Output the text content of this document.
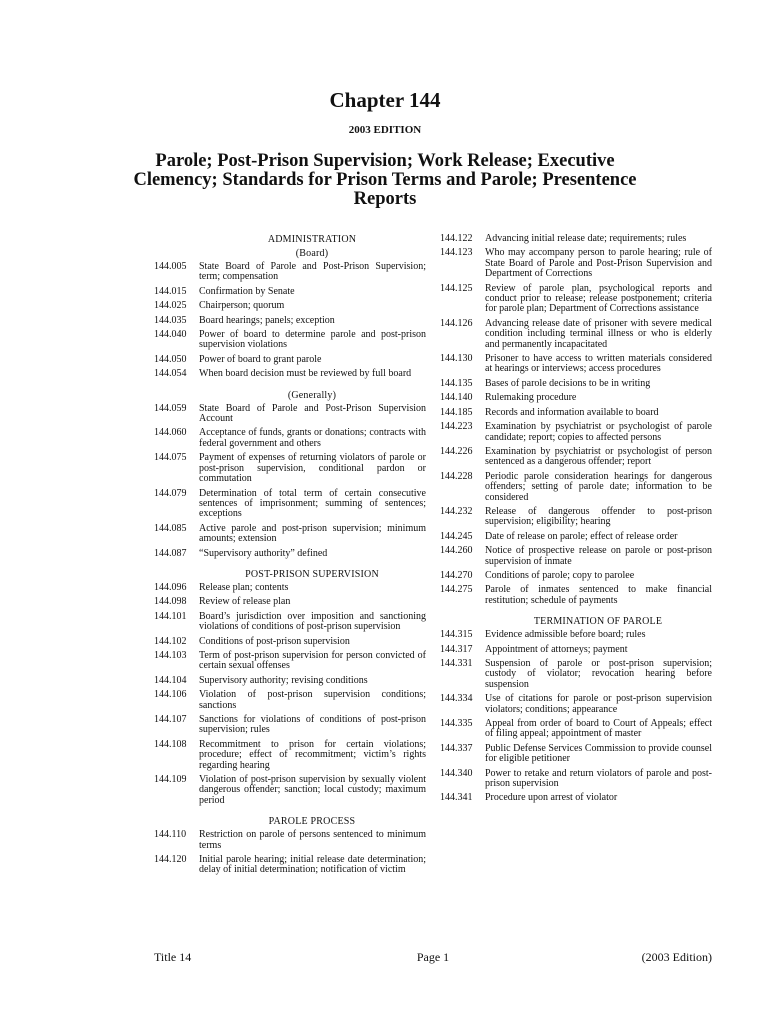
Chapter 144
2003 EDITION
Parole; Post-Prison Supervision; Work Release; Executive Clemency; Standards for Prison Terms and Parole; Presentence Reports
ADMINISTRATION
(Board)
144.005	State Board of Parole and Post-Prison Supervision; term; compensation
144.015	Confirmation by Senate
144.025	Chairperson; quorum
144.035	Board hearings; panels; exception
144.040	Power of board to determine parole and post-prison supervision violations
144.050	Power of board to grant parole
144.054	When board decision must be reviewed by full board
(Generally)
144.059	State Board of Parole and Post-Prison Supervision Account
144.060	Acceptance of funds, grants or donations; contracts with federal government and others
144.075	Payment of expenses of returning violators of parole or post-prison supervision, conditional pardon or commutation
144.079	Determination of total term of certain consecutive sentences of imprisonment; summing of sentences; exceptions
144.085	Active parole and post-prison supervision; minimum amounts; extension
144.087	“Supervisory authority” defined
POST-PRISON SUPERVISION
144.096	Release plan; contents
144.098	Review of release plan
144.101	Board’s jurisdiction over imposition and sanctioning violations of conditions of post-prison supervision
144.102	Conditions of post-prison supervision
144.103	Term of post-prison supervision for person convicted of certain sexual offenses
144.104	Supervisory authority; revising conditions
144.106	Violation of post-prison supervision conditions; sanctions
144.107	Sanctions for violations of conditions of post-prison supervision; rules
144.108	Recommitment to prison for certain violations; procedure; effect of recommitment; victim’s rights regarding hearing
144.109	Violation of post-prison supervision by sexually violent dangerous offender; sanction; local custody; maximum period
PAROLE PROCESS
144.110	Restriction on parole of persons sentenced to minimum terms
144.120	Initial parole hearing; initial release date determination; delay of initial determination; notification of victim
144.122	Advancing initial release date; requirements; rules
144.123	Who may accompany person to parole hearing; rule of State Board of Parole and Post-Prison Supervision and Department of Corrections
144.125	Review of parole plan, psychological reports and conduct prior to release; release postponement; criteria for parole plan; Department of Corrections assistance
144.126	Advancing release date of prisoner with severe medical condition including terminal illness or who is elderly and permanently incapacitated
144.130	Prisoner to have access to written materials considered at hearings or interviews; access procedures
144.135	Bases of parole decisions to be in writing
144.140	Rulemaking procedure
144.185	Records and information available to board
144.223	Examination by psychiatrist or psychologist of parole candidate; report; copies to affected persons
144.226	Examination by psychiatrist or psychologist of person sentenced as a dangerous offender; report
144.228	Periodic parole consideration hearings for dangerous offenders; setting of parole date; information to be considered
144.232	Release of dangerous offender to post-prison supervision; eligibility; hearing
144.245	Date of release on parole; effect of release order
144.260	Notice of prospective release on parole or post-prison supervision of inmate
144.270	Conditions of parole; copy to parolee
144.275	Parole of inmates sentenced to make financial restitution; schedule of payments
TERMINATION OF PAROLE
144.315	Evidence admissible before board; rules
144.317	Appointment of attorneys; payment
144.331	Suspension of parole or post-prison supervision; custody of violator; revocation hearing before suspension
144.334	Use of citations for parole or post-prison supervision violators; conditions; appearance
144.335	Appeal from order of board to Court of Appeals; effect of filing appeal; appointment of master
144.337	Public Defense Services Commission to provide counsel for eligible petitioner
144.340	Power to retake and return violators of parole and post-prison supervision
144.341	Procedure upon arrest of violator
Title 14	Page 1	(2003 Edition)
